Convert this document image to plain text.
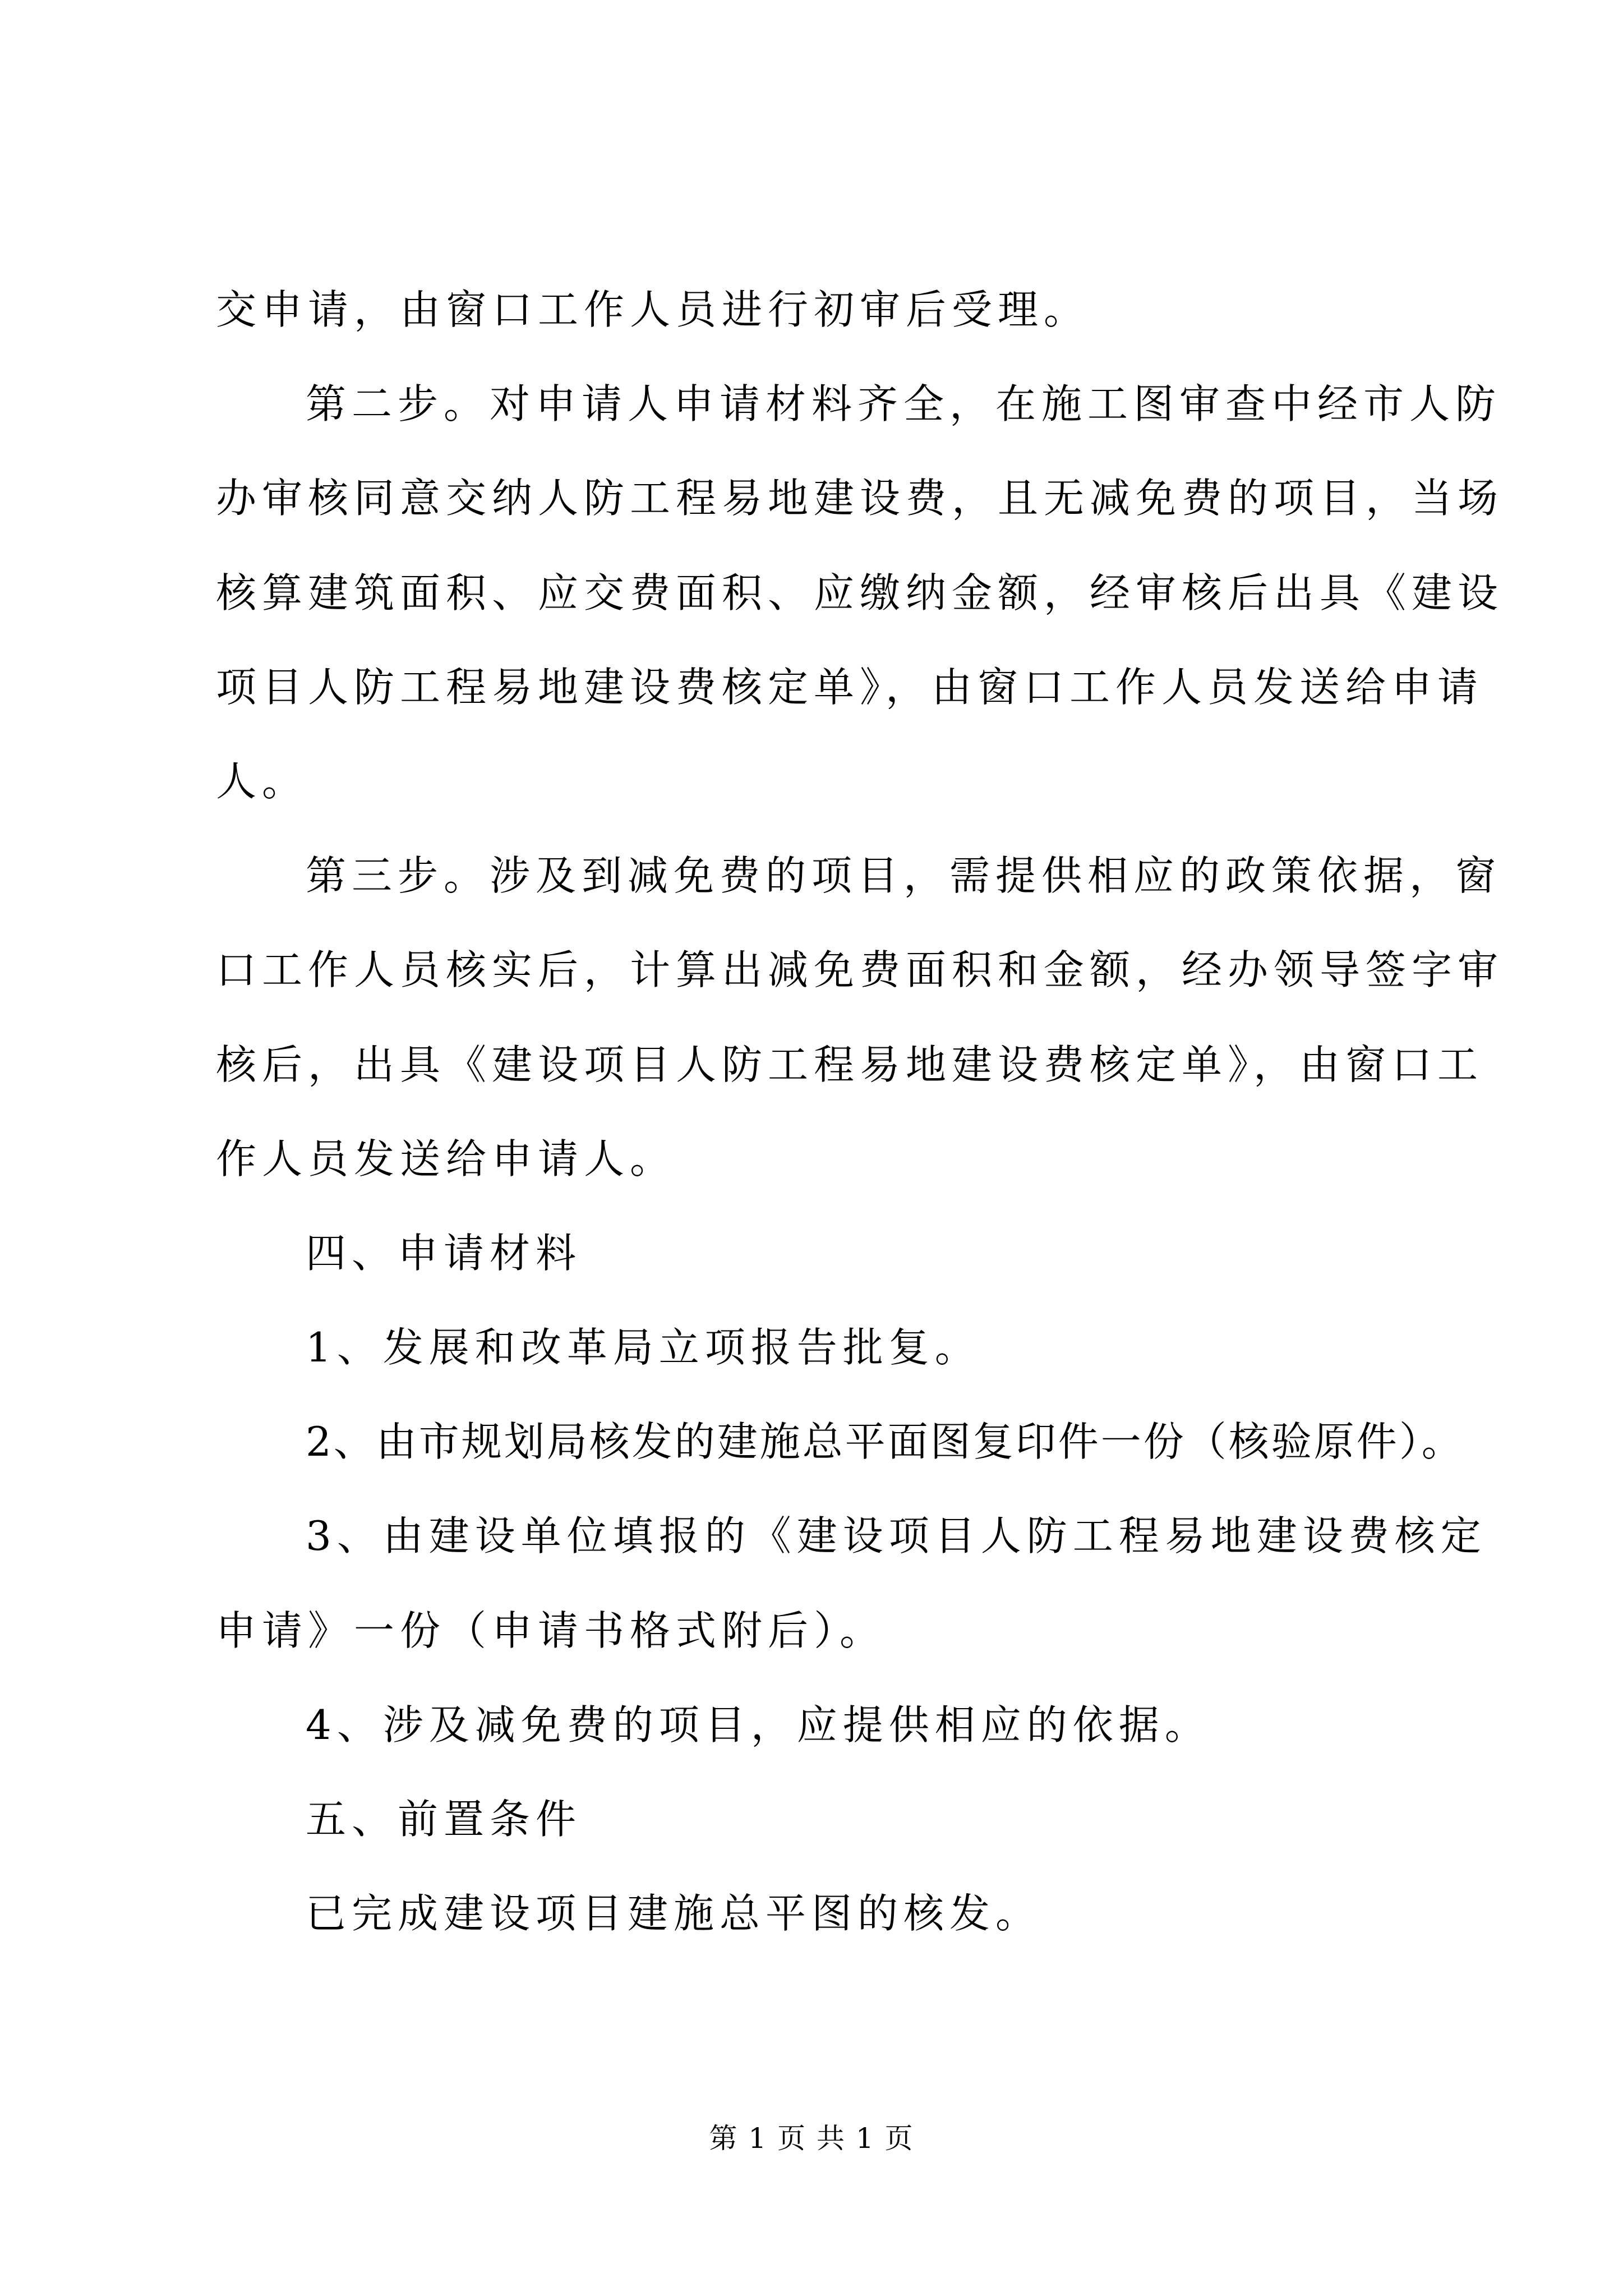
交申请，由窗口工作人员进行初审后受理。
第二步。对申请人申请材料齐全，在施工图审查中经市人防
办审核同意交纳人防工程易地建设费，且无减免费的项目，当场
核算建筑面积、应交费面积、应缴纳金额，经审核后出具《建设
项目人防工程易地建设费核定单》，由窗口工作人员发送给申请
人。
第三步。涉及到减免费的项目，需提供相应的政策依据，窗
口工作人员核实后，计算出减免费面积和金额，经办领导签字审
核后，出具《建设项目人防工程易地建设费核定单》，由窗口工
作人员发送给申请人。
四、申请材料
1、发展和改革局立项报告批复。
2、由市规划局核发的建施总平面图复印件一份（核验原件）。
3、由建设单位填报的《建设项目人防工程易地建设费核定
申请》一份（申请书格式附后）。
4、涉及减免费的项目，应提供相应的依据。
五、前置条件
已完成建设项目建施总平图的核发。
第 1 页 共 1 页
